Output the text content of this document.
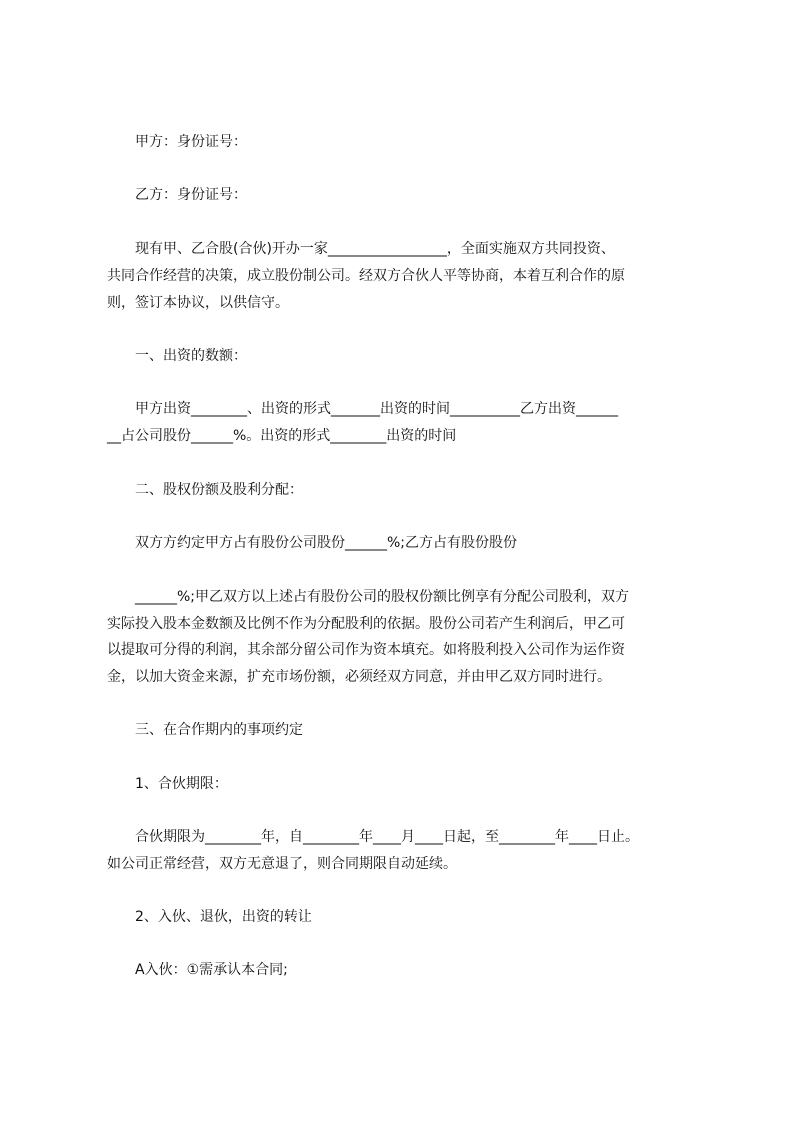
　　甲方：身份证号：
　　乙方：身份证号：
　　现有甲、乙合股(合伙)开办一家_________________，全面实施双方共同投资、
共同合作经营的决策，成立股份制公司。经双方合伙人平等协商，本着互利合作的原
则，签订本协议，以供信守。
　　一、出资的数额：
　　甲方出资________、出资的形式_______出资的时间__________乙方出资______
__占公司股份______%。出资的形式________出资的时间
　　二、股权份额及股利分配：
　　双方方约定甲方占有股份公司股份______%;乙方占有股份股份
　　______%;甲乙双方以上述占有股份公司的股权份额比例享有分配公司股利，双方
实际投入股本金数额及比例不作为分配股利的依据。股份公司若产生利润后，甲乙可
以提取可分得的利润，其余部分留公司作为资本填充。如将股利投入公司作为运作资
金，以加大资金来源，扩充市场份额，必须经双方同意，并由甲乙双方同时进行。
　　三、在合作期内的事项约定
　　1、合伙期限：
　　合伙期限为________年，自________年____月____日起，至________年____日止。
如公司正常经营，双方无意退了，则合同期限自动延续。
　　2、入伙、退伙，出资的转让
　　A入伙：①需承认本合同;
